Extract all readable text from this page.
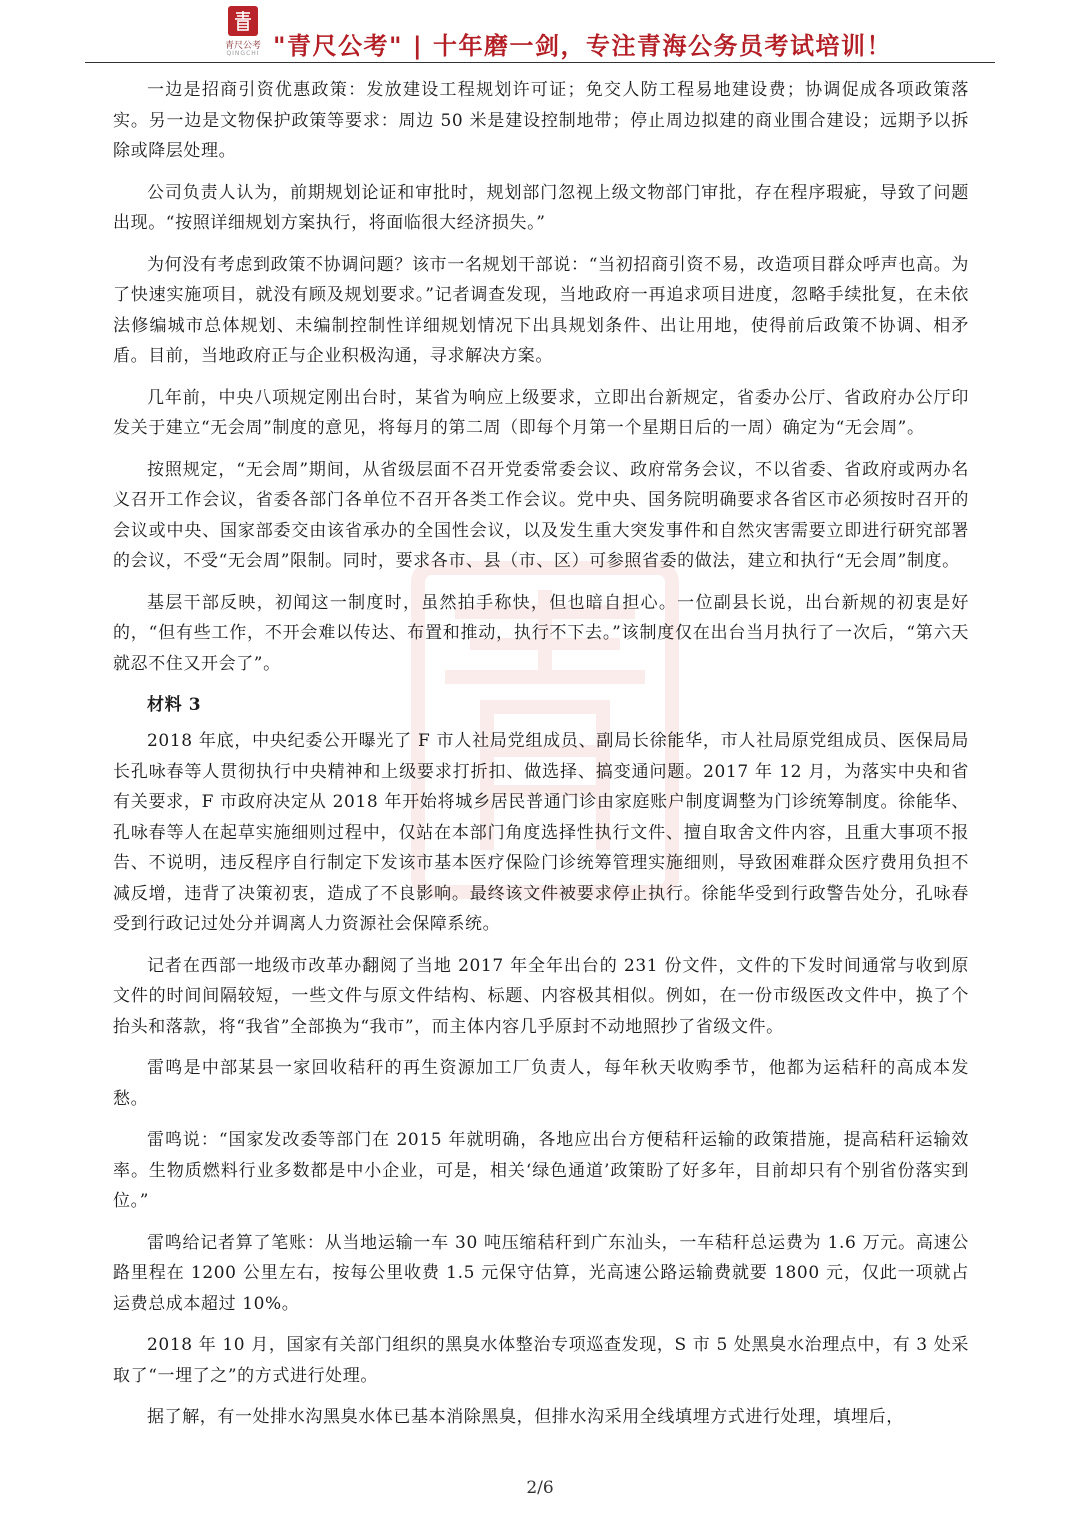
青尺公考
QINGCHI "青尺公考" | 十年磨一剑，专注青海公务员考试培训！

一边是招商引资优惠政策：发放建设工程规划许可证；免交人防工程易地建设费；协调促成各项政策落实。另一边是文物保护政策等要求：周边 50 米是建设控制地带；停止周边拟建的商业围合建设；远期予以拆除或降层处理。

公司负责人认为，前期规划论证和审批时，规划部门忽视上级文物部门审批，存在程序瑕疵，导致了问题出现。“按照详细规划方案执行，将面临很大经济损失。”

为何没有考虑到政策不协调问题？该市一名规划干部说：“当初招商引资不易，改造项目群众呼声也高。为了快速实施项目，就没有顾及规划要求。”记者调查发现，当地政府一再追求项目进度，忽略手续批复，在未依法修编城市总体规划、未编制控制性详细规划情况下出具规划条件、出让用地，使得前后政策不协调、相矛盾。目前，当地政府正与企业积极沟通，寻求解决方案。

几年前，中央八项规定刚出台时，某省为响应上级要求，立即出台新规定，省委办公厅、省政府办公厅印发关于建立“无会周”制度的意见，将每月的第二周（即每个月第一个星期日后的一周）确定为“无会周”。

按照规定，“无会周”期间，从省级层面不召开党委常委会议、政府常务会议，不以省委、省政府或两办名义召开工作会议，省委各部门各单位不召开各类工作会议。党中央、国务院明确要求各省区市必须按时召开的会议或中央、国家部委交由该省承办的全国性会议，以及发生重大突发事件和自然灾害需要立即进行研究部署的会议，不受“无会周”限制。同时，要求各市、县（市、区）可参照省委的做法，建立和执行“无会周”制度。

基层干部反映，初闻这一制度时，虽然拍手称快，但也暗自担心。一位副县长说，出台新规的初衷是好的，“但有些工作，不开会难以传达、布置和推动，执行不下去。”该制度仅在出台当月执行了一次后，“第六天就忍不住又开会了”。

材料 3

2018 年底，中央纪委公开曝光了 F 市人社局党组成员、副局长徐能华，市人社局原党组成员、医保局局长孔咏春等人贯彻执行中央精神和上级要求打折扣、做选择、搞变通问题。2017 年 12 月，为落实中央和省有关要求，F 市政府决定从 2018 年开始将城乡居民普通门诊由家庭账户制度调整为门诊统筹制度。徐能华、孔咏春等人在起草实施细则过程中，仅站在本部门角度选择性执行文件、擅自取舍文件内容，且重大事项不报告、不说明，违反程序自行制定下发该市基本医疗保险门诊统筹管理实施细则，导致困难群众医疗费用负担不减反增，违背了决策初衷，造成了不良影响。最终该文件被要求停止执行。徐能华受到行政警告处分，孔咏春受到行政记过处分并调离人力资源社会保障系统。

记者在西部一地级市改革办翻阅了当地 2017 年全年出台的 231 份文件，文件的下发时间通常与收到原文件的时间间隔较短，一些文件与原文件结构、标题、内容极其相似。例如，在一份市级医改文件中，换了个抬头和落款，将“我省”全部换为“我市”，而主体内容几乎原封不动地照抄了省级文件。

雷鸣是中部某县一家回收秸秆的再生资源加工厂负责人，每年秋天收购季节，他都为运秸秆的高成本发愁。

雷鸣说：“国家发改委等部门在 2015 年就明确，各地应出台方便秸秆运输的政策措施，提高秸秆运输效率。生物质燃料行业多数都是中小企业，可是，相关‘绿色通道’政策盼了好多年，目前却只有个别省份落实到位。”

雷鸣给记者算了笔账：从当地运输一车 30 吨压缩秸秆到广东汕头，一车秸秆总运费为 1.6 万元。高速公路里程在 1200 公里左右，按每公里收费 1.5 元保守估算，光高速公路运输费就要 1800 元，仅此一项就占运费总成本超过 10%。

2018 年 10 月，国家有关部门组织的黑臭水体整治专项巡查发现，S 市 5 处黑臭水治理点中，有 3 处采取了“一埋了之”的方式进行处理。

据了解，有一处排水沟黑臭水体已基本消除黑臭，但排水沟采用全线填埋方式进行处理，填埋后，

2/6
